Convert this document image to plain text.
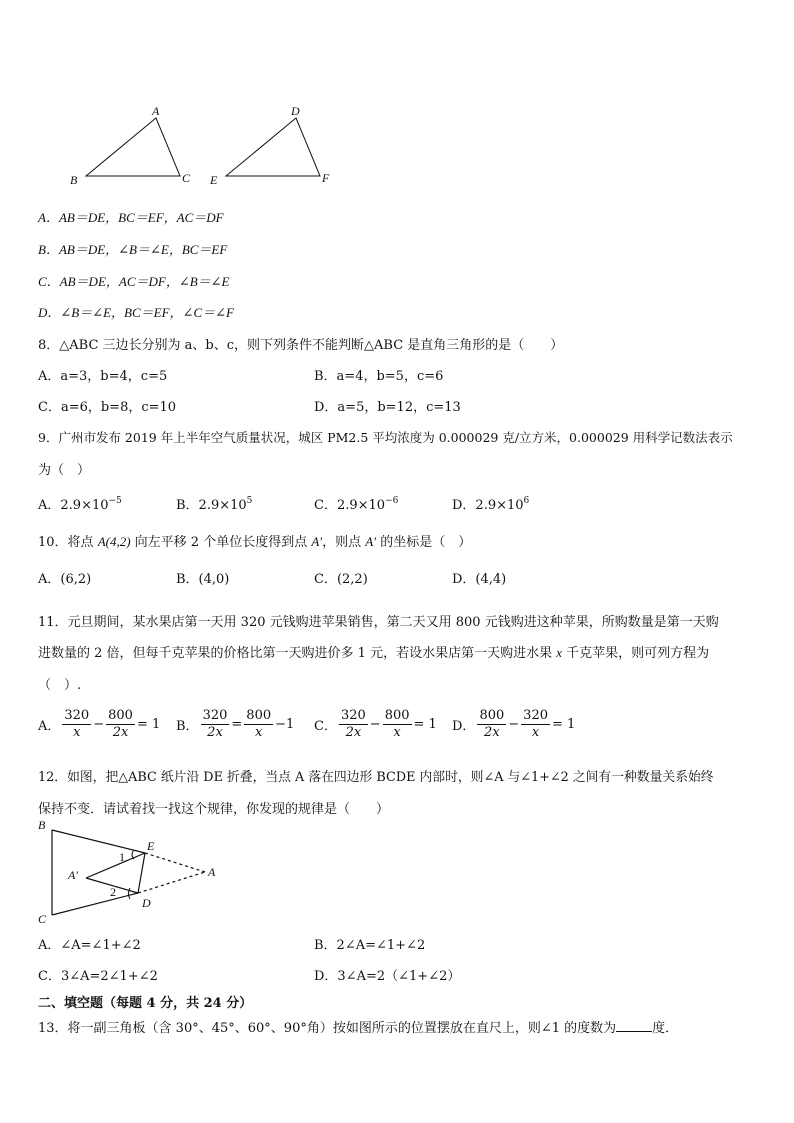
A
B	C
D
E	F
A．AB＝DE，BC＝EF，AC＝DF
B．AB＝DE，∠B＝∠E，BC＝EF
C．AB＝DE，AC＝DF，∠B＝∠E
D．∠B＝∠E，BC＝EF，∠C＝∠F
8．△ABC 三边长分别为 a、b、c，则下列条件不能判断△ABC 是直角三角形的是（　　）
A．a=3，b=4，c=5	B．a=4，b=5，c=6
C．a=6，b=8，c=10	D．a=5，b=12，c=13
9．广州市发布 2019 年上半年空气质量状况，城区 PM2.5 平均浓度为 0.000029 克/立方米，0.000029 用科学记数法表示
为（　）
A．$2.9\times 10^{-5}$	B．$2.9\times 10^5$	C．$2.9\times 10^{-6}$	D．$2.9\times 10^6$
10．将点 A(4,2) 向左平移 2 个单位长度得到点 A′，则点 A′ 的坐标是（　）
A．(6,2)	B．(4,0)	C．(2,2)	D．(4,4)
11．元旦期间，某水果店第一天用 320 元钱购进苹果销售，第二天又用 800 元钱购进这种苹果，所购数量是第一天购
进数量的 2 倍，但每千克苹果的价格比第一天购进价多 1 元，若设水果店第一天购进水果 x 千克苹果，则可列方程为
（　）.
A． $\frac{320}{x} - \frac{800}{2x} = 1$ B． $\frac{320}{2x} = \frac{800}{x} -1$ C． $\frac{320}{2x} - \frac{800}{x} = 1$ D． $\frac{800}{2x} - \frac{320}{x} = 1$
12．如图，把△ABC 纸片沿 DE 折叠，当点 A 落在四边形 BCDE 内部时，则∠A 与∠1+∠2 之间有一种数量关系始终
保持不变．请试着找一找这个规律，你发现的规律是（　　）
B
C
E
D
A
A′
1
2
A．∠A=∠1+∠2	B．2∠A=∠1+∠2
C．3∠A=2∠1+∠2	D．3∠A=2（∠1+∠2）
二、填空题（每题 4 分，共 24 分）
13．将一副三角板（含 30°、45°、60°、90°角）按如图所示的位置摆放在直尺上，则∠1 的度数为	度．
